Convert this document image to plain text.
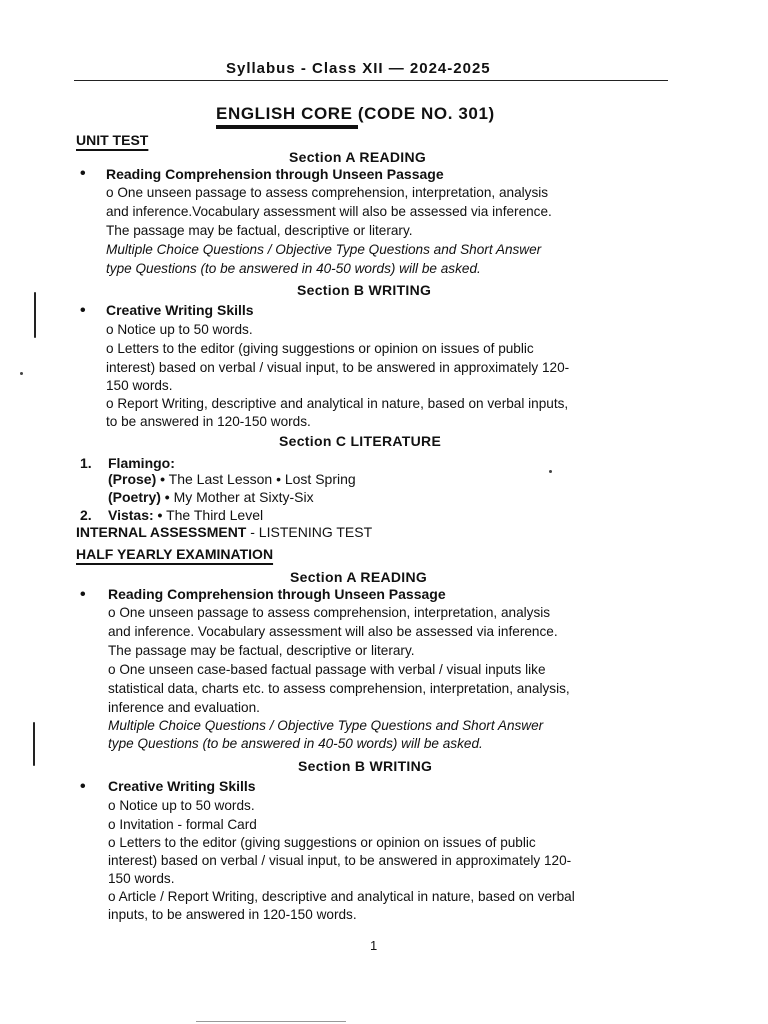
Syllabus - Class XII — 2024-2025
ENGLISH CORE (CODE NO. 301)
UNIT TEST
Section A READING
• Reading Comprehension through Unseen Passage
o One unseen passage to assess comprehension, interpretation, analysis
and inference.Vocabulary assessment will also be assessed via inference.
The passage may be factual, descriptive or literary.
Multiple Choice Questions / Objective Type Questions and Short Answer
type Questions (to be answered in 40-50 words) will be asked.
Section B WRITING
• Creative Writing Skills
o Notice up to 50 words.
o Letters to the editor (giving suggestions or opinion on issues of public
interest) based on verbal / visual input, to be answered in approximately 120-
150 words.
o Report Writing, descriptive and analytical in nature, based on verbal inputs,
to be answered in 120-150 words.
Section C LITERATURE
1. Flamingo:
(Prose) • The Last Lesson • Lost Spring
(Poetry) • My Mother at Sixty-Six
2. Vistas: • The Third Level
INTERNAL ASSESSMENT - LISTENING TEST
HALF YEARLY EXAMINATION
Section A READING
• Reading Comprehension through Unseen Passage
o One unseen passage to assess comprehension, interpretation, analysis
and inference. Vocabulary assessment will also be assessed via inference.
The passage may be factual, descriptive or literary.
o One unseen case-based factual passage with verbal / visual inputs like
statistical data, charts etc. to assess comprehension, interpretation, analysis,
inference and evaluation.
Multiple Choice Questions / Objective Type Questions and Short Answer
type Questions (to be answered in 40-50 words) will be asked.
Section B WRITING
• Creative Writing Skills
o Notice up to 50 words.
o Invitation - formal Card
o Letters to the editor (giving suggestions or opinion on issues of public
interest) based on verbal / visual input, to be answered in approximately 120-
150 words.
o Article / Report Writing, descriptive and analytical in nature, based on verbal
inputs, to be answered in 120-150 words.
1
